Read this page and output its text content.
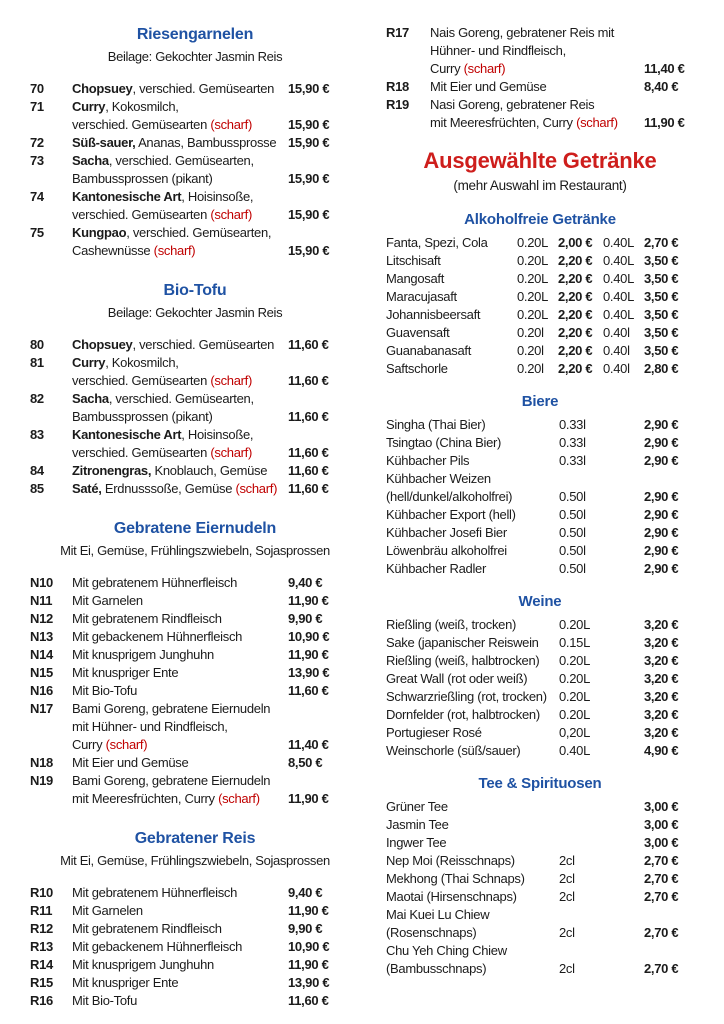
Riesengarnelen

Beilage: Gekochter Jasmin Reis

70	Chopsuey, verschied. Gemüsearten	15,90 €
71	Curry, Kokosmilch,
verschied. Gemüsearten (scharf)	15,90 €
72	Süß-sauer, Ananas, Bambussprosse 15,90 €
73	Sacha, verschied. Gemüsearten,
Bambussprossen (pikant)	15,90 €
74	Kantonesische Art, Hoisinsoße,
verschied. Gemüsearten (scharf)	15,90 €
75	Kungpao, verschied. Gemüsearten,
Cashewnüsse (scharf)	15,90 €
Bio-Tofu

Beilage: Gekochter Jasmin Reis

80	Chopsuey, verschied. Gemüsearten	11,60 €
81	Curry, Kokosmilch,
verschied. Gemüsearten (scharf)	11,60 €
82	Sacha, verschied. Gemüsearten,
Bambussprossen (pikant)	11,60 €
83	Kantonesische Art, Hoisinsoße,
verschied. Gemüsearten (scharf)	11,60 €
84	Zitronengras, Knoblauch, Gemüse	11,60 €
85	Saté, Erdnusssoße, Gemüse (scharf) 11,60 €
Gebratene Eiernudeln

Mit Ei, Gemüse, Frühlingszwiebeln, Sojasprossen

N10	Mit gebratenem Hühnerfleisch	9,40 €
N11	Mit Garnelen	11,90 €
N12	Mit gebratenem Rindfleisch	9,90 €
N13	Mit gebackenem Hühnerfleisch	10,90 €
N14	Mit knusprigem Junghuhn	11,90 €
N15	Mit knuspriger Ente	13,90 €
N16	Mit Bio-Tofu	11,60 €
N17	Bami Goreng, gebratene Eiernudeln
mit Hühner- und Rindfleisch,
Curry (scharf)	11,40 €
N18	Mit Eier und Gemüse	8,50 €
N19	Bami Goreng, gebratene Eiernudeln
mit Meeresfrüchten, Curry (scharf)	11,90 €
Gebratener Reis

Mit Ei, Gemüse, Frühlingszwiebeln, Sojasprossen

R10	Mit gebratenem Hühnerfleisch	9,40 €
R11	Mit Garnelen	11,90 €
R12	Mit gebratenem Rindfleisch	9,90 €
R13	Mit gebackenem Hühnerfleisch	10,90 €
R14	Mit knusprigem Junghuhn	11,90 €
R15	Mit knuspriger Ente	13,90 €
R16	Mit Bio-Tofu	11,60 €
R17	Nais Goreng, gebratener Reis mit
Hühner- und Rindfleisch,
Curry (scharf)	11,40 €
R18	Mit Eier und Gemüse	8,40 €
R19	Nasi Goreng, gebratener Reis
mit Meeresfrüchten, Curry (scharf)	11,90 €
Ausgewählte Getränke

(mehr Auswahl im Restaurant)

Alkoholfreie Getränke
Fanta, Spezi, Cola	0.20L 2,00 € 0.40L 2,70 €
Litschisaft	0.20L 2,20 € 0.40L 3,50 €
Mangosaft	0.20L 2,20 € 0.40L 3,50 €
Maracujasaft	0.20L 2,20 € 0.40L 3,50 €
Johannisbeersaft	0.20L 2,20 € 0.40L 3,50 €
Guavensaft	0.20l	2,20 € 0.40l	3,50 €
Guanabanasaft	0.20l	2,20 € 0.40l	3,50 €
Saftschorle	0.20l	2,20 € 0.40l	2,80 €
Biere
Singha (Thai Bier)	0.33l	2,90 €
Tsingtao (China Bier)	0.33l	2,90 €
Kühbacher Pils	0.33l	2,90 €
Kühbacher Weizen
(hell/dunkel/alkoholfrei)	0.50l	2,90 €
Kühbacher Export (hell)	0.50l	2,90 €
Kühbacher Josefi Bier	0.50l	2,90 €
Löwenbräu alkoholfrei	0.50l	2,90 €
Kühbacher Radler	0.50l	2,90 €
Weine
Rießling (weiß, trocken)	0.20L	3,20 €
Sake (japanischer Reiswein	0.15L	3,20 €
Rießling (weiß, halbtrocken)	0.20L	3,20 €
Great Wall (rot oder weiß)	0.20L	3,20 €
Schwarzrießling (rot, trocken) 0.20L	3,20 €
Dornfelder (rot, halbtrocken)	0.20L	3,20 €
Portugieser Rosé	0,20L	3,20 €
Weinschorle (süß/sauer)	0.40L	4,90 €
Tee & Spirituosen
Grüner Tee	3,00 €
Jasmin Tee	3,00 €
Ingwer Tee	3,00 €
Nep Moi (Reisschnaps)	2cl	2,70 €
Mekhong (Thai Schnaps)	2cl	2,70 €
Maotai (Hirsenschnaps)	2cl	2,70 €
Mai Kuei Lu Chiew
(Rosenschnaps)	2cl	2,70 €
Chu Yeh Ching Chiew
(Bambusschnaps)	2cl	2,70 €
